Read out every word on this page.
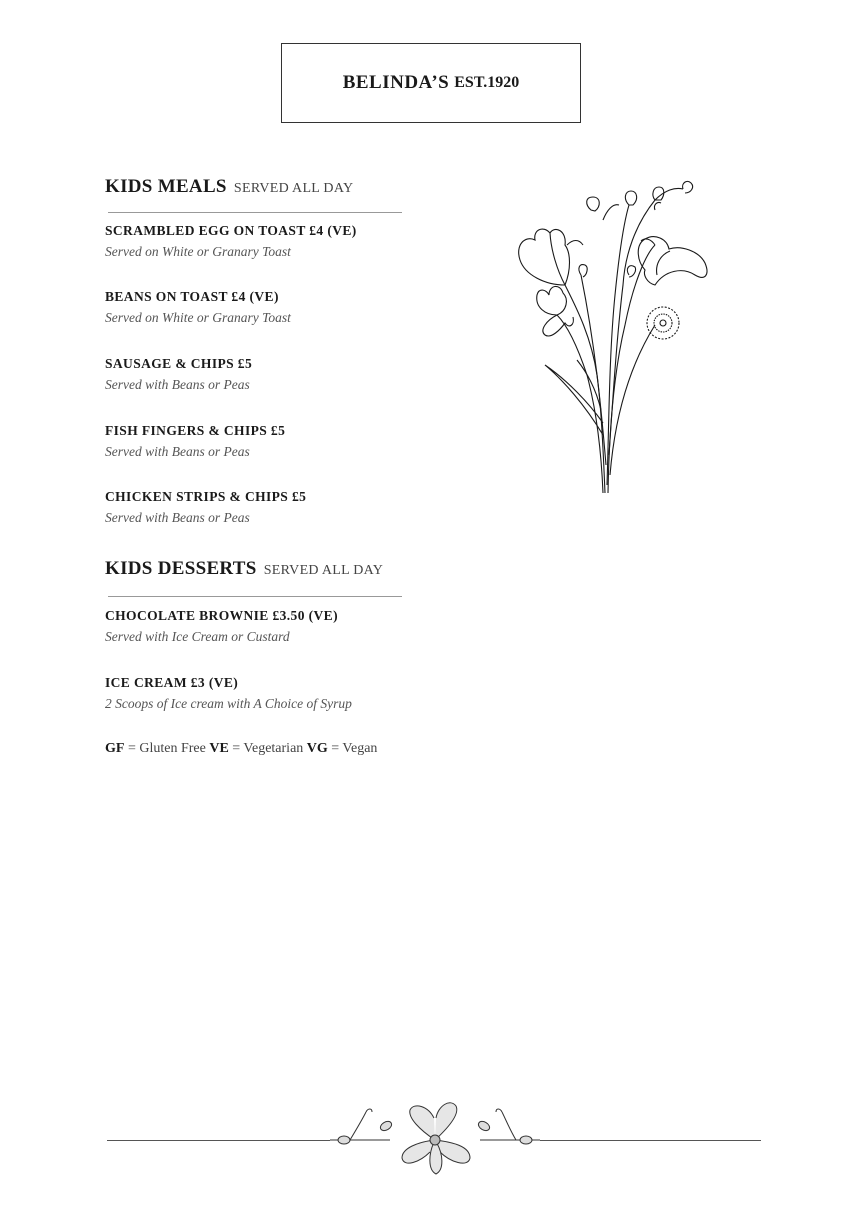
BELINDA’S EST.1920
KIDS MEALS SERVED ALL DAY
SCRAMBLED EGG ON TOAST £4 (VE)
Served on White or Granary Toast
BEANS ON TOAST £4 (VE)
Served on White or Granary Toast
SAUSAGE & CHIPS £5
Served with Beans or Peas
FISH FINGERS & CHIPS £5
Served with Beans or Peas
CHICKEN STRIPS & CHIPS £5
Served with Beans or Peas
KIDS DESSERTS SERVED ALL DAY
CHOCOLATE BROWNIE £3.50 (VE)
Served with Ice Cream or Custard
ICE CREAM £3 (VE)
2 Scoops of Ice cream with A Choice of Syrup
GF = Gluten Free VE = Vegetarian VG = Vegan
